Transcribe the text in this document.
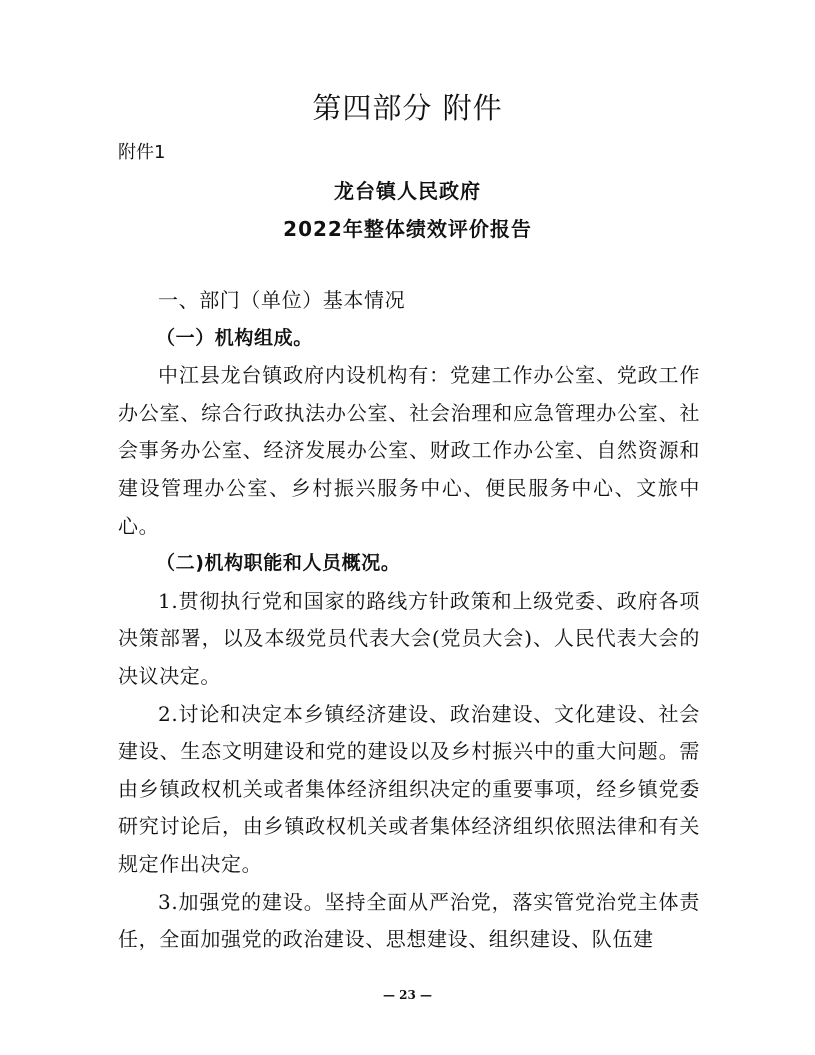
第四部分 附件
附件1
龙台镇人民政府
2022年整体绩效评价报告

一、部门（单位）基本情况

（一）机构组成。

中江县龙台镇政府内设机构有：党建工作办公室、党政工作办公室、综合行政执法办公室、社会治理和应急管理办公室、社会事务办公室、经济发展办公室、财政工作办公室、自然资源和建设管理办公室、乡村振兴服务中心、便民服务中心、文旅中心。

（二)机构职能和人员概况。

1.贯彻执行党和国家的路线方针政策和上级党委、政府各项决策部署，以及本级党员代表大会(党员大会)、人民代表大会的决议决定。

2.讨论和决定本乡镇经济建设、政治建设、文化建设、社会建设、生态文明建设和党的建设以及乡村振兴中的重大问题。需由乡镇政权机关或者集体经济组织决定的重要事项，经乡镇党委研究讨论后，由乡镇政权机关或者集体经济组织依照法律和有关规定作出决定。

3.加强党的建设。坚持全面从严治党，落实管党治党主体责任，全面加强党的政治建设、思想建设、组织建设、队伍建

— 23 —
